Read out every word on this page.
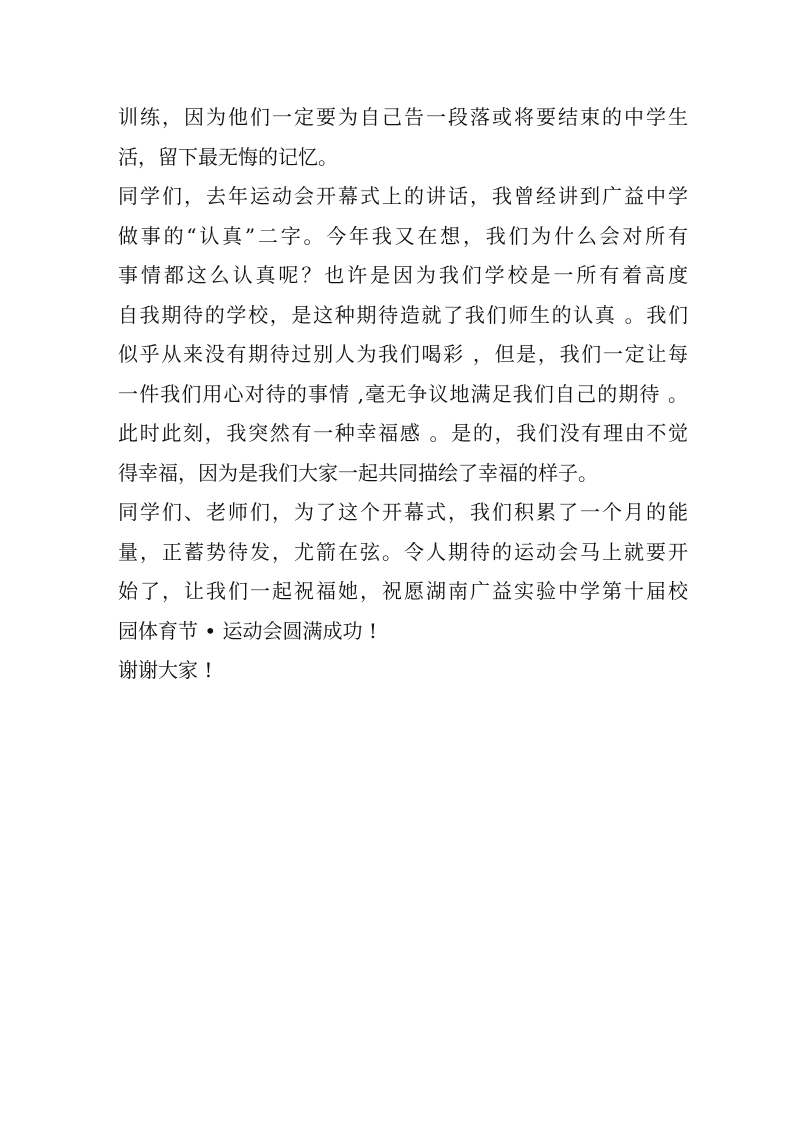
训练，因为他们一定要为自己告一段落或将要结束的中学生
活，留下最无悔的记忆。
同学们，去年运动会开幕式上的讲话，我曾经讲到广益中学
做事的“认真”二字。今年我又在想，我们为什么会对所有
事情都这么认真呢？也许是因为我们学校是一所有着高度
自我期待的学校，是这种期待造就了我们师生的认真 。我们
似乎从来没有期待过别人为我们喝彩 ，但是，我们一定让每
一件我们用心对待的事情 ,毫无争议地满足我们自己的期待 。
此时此刻，我突然有一种幸福感 。是的，我们没有理由不觉
得幸福，因为是我们大家一起共同描绘了幸福的样子。
同学们、老师们，为了这个开幕式，我们积累了一个月的能
量，正蓄势待发，尤箭在弦。令人期待的运动会马上就要开
始了，让我们一起祝福她，祝愿湖南广益实验中学第十届校
园体育节 • 运动会圆满成功 !
谢谢大家 !
